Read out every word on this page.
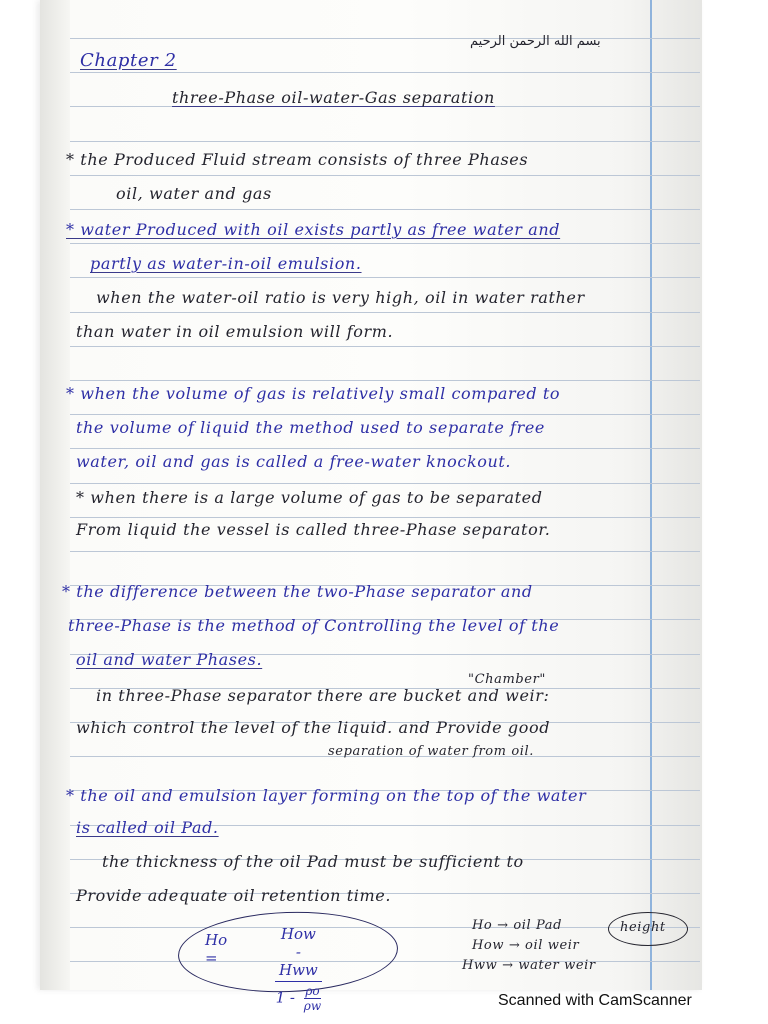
بسم الله الرحمن الرحيم
Chapter 2
three-Phase oil-water-Gas separation
* the Produced Fluid stream consists of three Phases
oil, water and gas
* water Produced with oil exists partly as free water and
partly as water-in-oil emulsion.
when the water-oil ratio is very high, oil in water rather
than water in oil emulsion will form.
* when the volume of gas is relatively small compared to
the volume of liquid the method used to separate free
water, oil and gas is called a free-water knockout.
* when there is a large volume of gas to be separated
From liquid the vessel is called three-Phase separator.
* the difference between the two-Phase separator and
three-Phase is the method of Controlling the level of the
oil and water Phases.
"Chamber"
in three-Phase separator there are bucket and weir:
which control the level of the liquid. and Provide good
separation of water from oil.
* the oil and emulsion layer forming on the top of the water
is called oil Pad.
the thickness of the oil Pad must be sufficient to
Provide adequate oil retention time.
Ho =
How - Hww
$1 - \frac{\rho o}{\rho w}$
Ho → oil Pad
How → oil weir
Hww → water weir
height
Scanned with CamScanner
